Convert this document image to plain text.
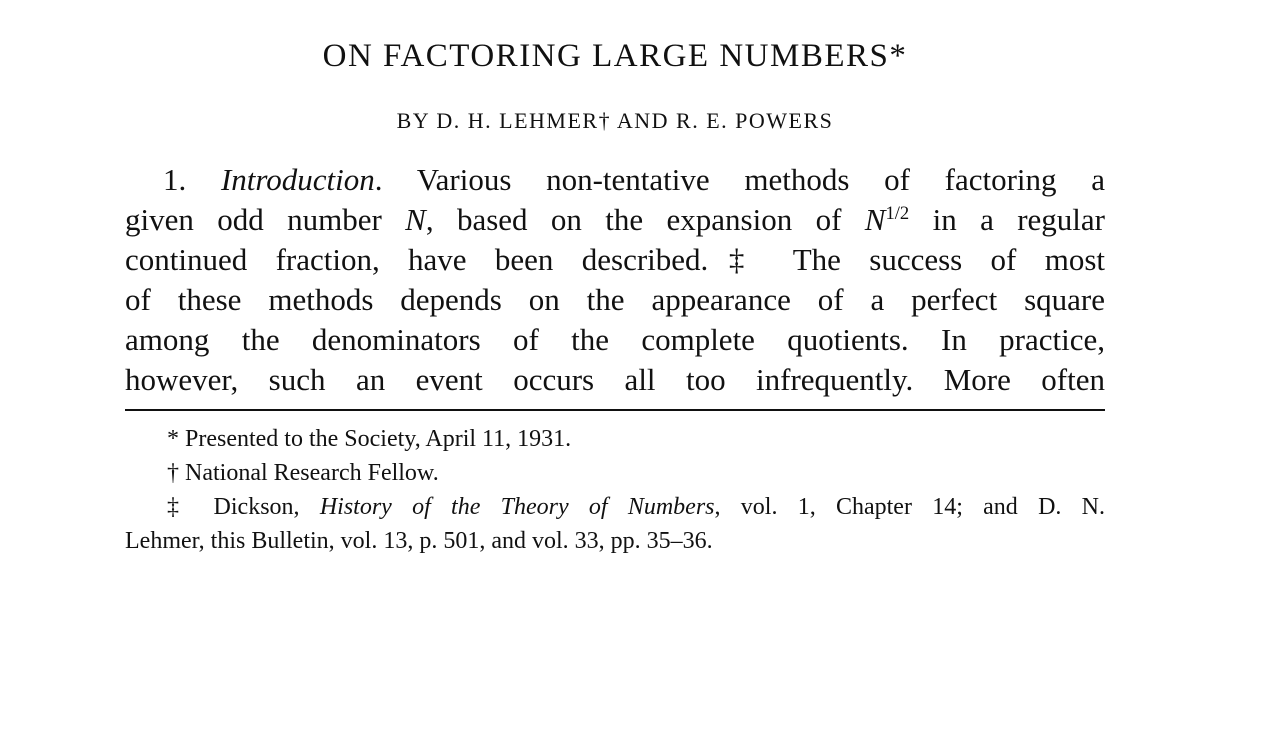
ON FACTORING LARGE NUMBERS*
BY D. H. LEHMER† AND R. E. POWERS
1. Introduction. Various non-tentative methods of factoring a
given odd number N, based on the expansion of $N^{1/2}$ in a regular
continued fraction, have been described.‡ The success of most
of these methods depends on the appearance of a perfect square
among the denominators of the complete quotients. In practice,
however, such an event occurs all too infrequently. More often
* Presented to the Society, April 11, 1931.
† National Research Fellow.
‡ Dickson, History of the Theory of Numbers, vol. 1, Chapter 14; and D. N.
Lehmer, this Bulletin, vol. 13, p. 501, and vol. 33, pp. 35–36.
